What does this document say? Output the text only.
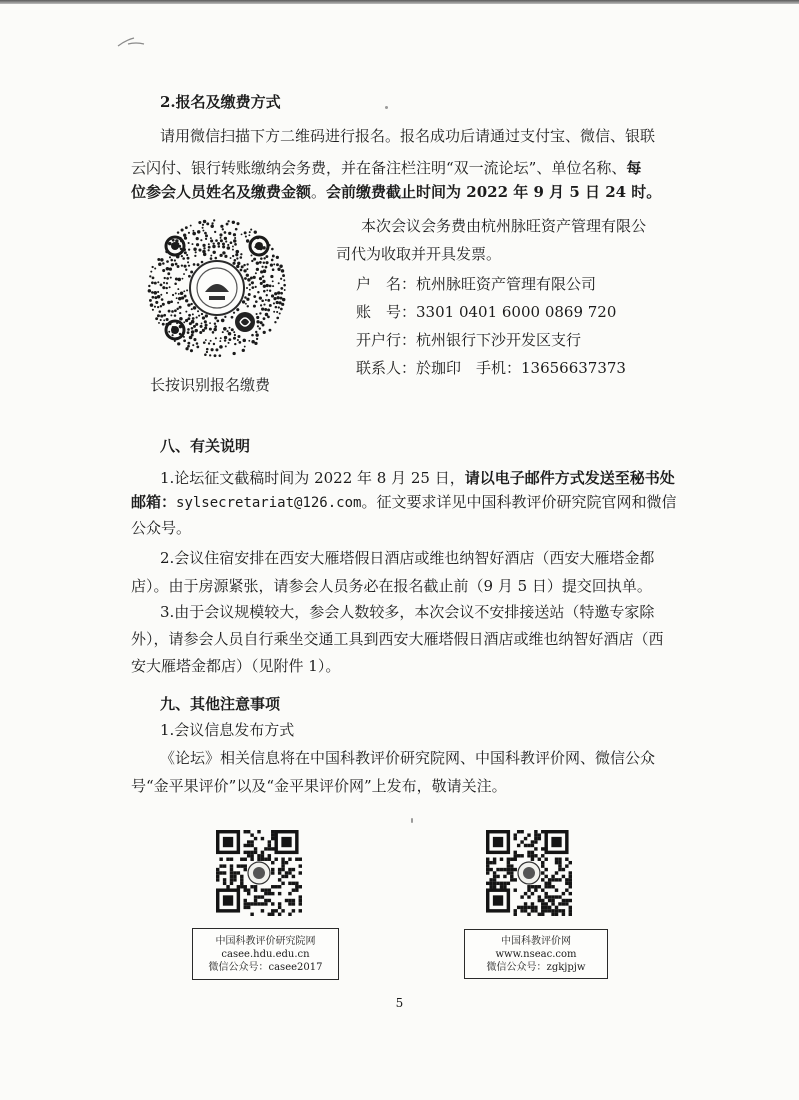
2.报名及缴费方式
请用微信扫描下方二维码进行报名。报名成功后请通过支付宝、微信、银联
云闪付、银行转账缴纳会务费，并在备注栏注明“双一流论坛”、单位名称、每
位参会人员姓名及缴费金额。会前缴费截止时间为 2022 年 9 月 5 日 24 时。
长按识别报名缴费
本次会议会务费由杭州脉旺资产管理有限公
司代为收取并开具发票。
户　名：杭州脉旺资产管理有限公司
账　号：3301 0401 6000 0869 720
开户行：杭州银行下沙开发区支行
联系人：於珈印　手机：13656637373
八、有关说明
1.论坛征文截稿时间为 2022 年 8 月 25 日，请以电子邮件方式发送至秘书处
邮箱：sylsecretariat@126.com。征文要求详见中国科教评价研究院官网和微信
公众号。
2.会议住宿安排在西安大雁塔假日酒店或维也纳智好酒店（西安大雁塔金都
店）。由于房源紧张，请参会人员务必在报名截止前（9 月 5 日）提交回执单。
3.由于会议规模较大，参会人数较多，本次会议不安排接送站（特邀专家除
外），请参会人员自行乘坐交通工具到西安大雁塔假日酒店或维也纳智好酒店（西
安大雁塔金都店）（见附件 1）。
九、其他注意事项
1.会议信息发布方式
《论坛》相关信息将在中国科教评价研究院网、中国科教评价网、微信公众
号“金平果评价”以及“金平果评价网”上发布，敬请关注。
中国科教评价研究院网
casee.hdu.edu.cn
微信公众号：casee2017
中国科教评价网
www.nseac.com
微信公众号：zgkjpjw
5
